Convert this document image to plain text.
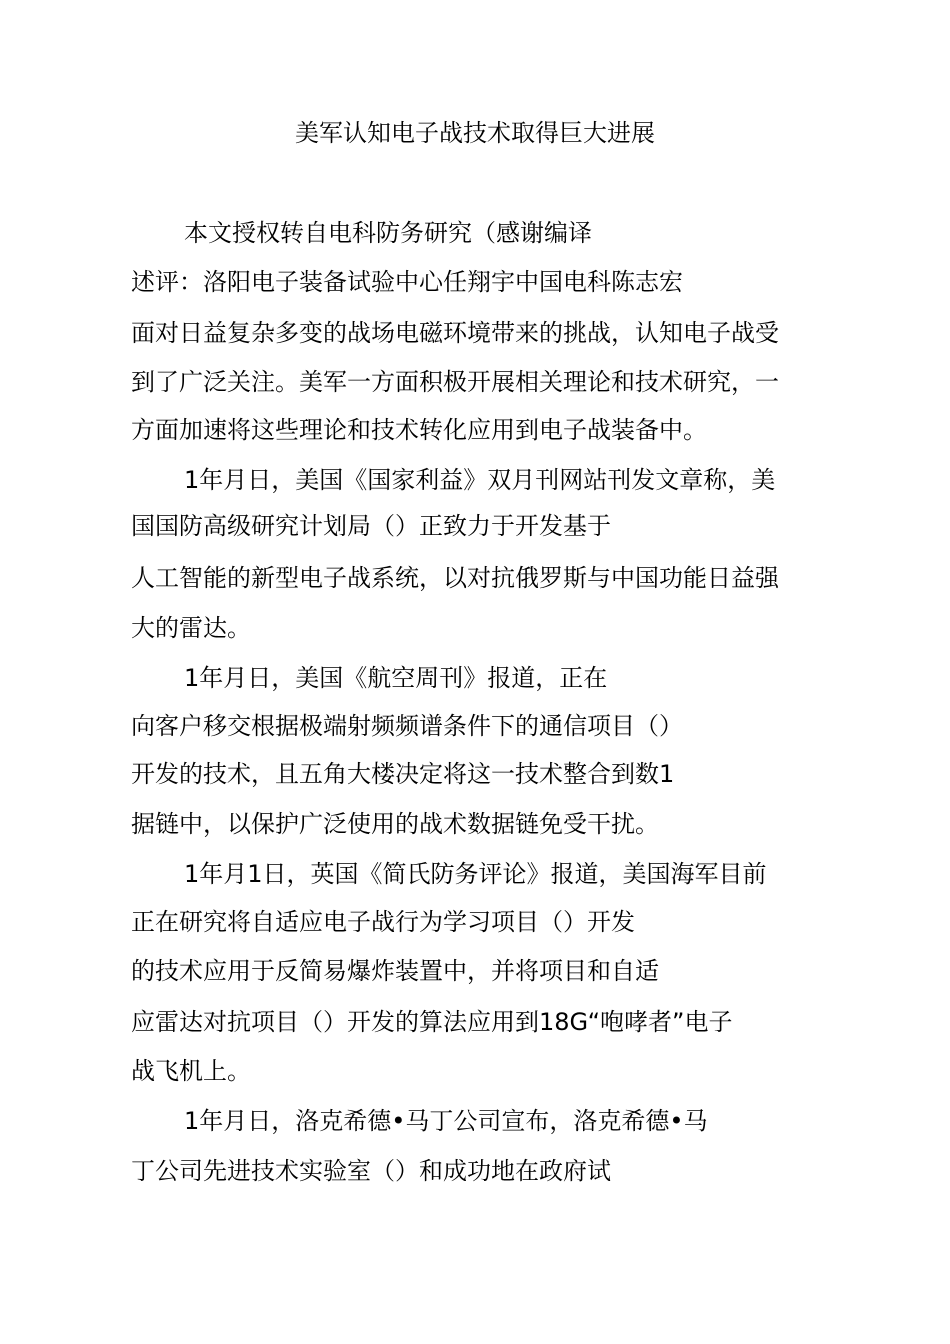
美军认知电子战技术取得巨大进展
本文授权转自电科防务研究（感谢编译
述评：洛阳电子装备试验中心任翔宇中国电科陈志宏
面对日益复杂多变的战场电磁环境带来的挑战，认知电子战受
到了广泛关注。美军一方面积极开展相关理论和技术研究，一
方面加速将这些理论和技术转化应用到电子战装备中。
1年月日，美国《国家利益》双月刊网站刊发文章称，美
国国防高级研究计划局（）正致力于开发基于
人工智能的新型电子战系统，以对抗俄罗斯与中国功能日益强
大的雷达。
1年月日，美国《航空周刊》报道，正在
向客户移交根据极端射频频谱条件下的通信项目（）
开发的技术，且五角大楼决定将这一技术整合到数1
据链中，以保护广泛使用的战术数据链免受干扰。
1年月1日，英国《简氏防务评论》报道，美国海军目前
正在研究将自适应电子战行为学习项目（）开发
的技术应用于反简易爆炸装置中，并将项目和自适
应雷达对抗项目（）开发的算法应用到18G“咆哮者”电子
战飞机上。
1年月日，洛克希德•马丁公司宣布，洛克希德•马
丁公司先进技术实验室（）和成功地在政府试
